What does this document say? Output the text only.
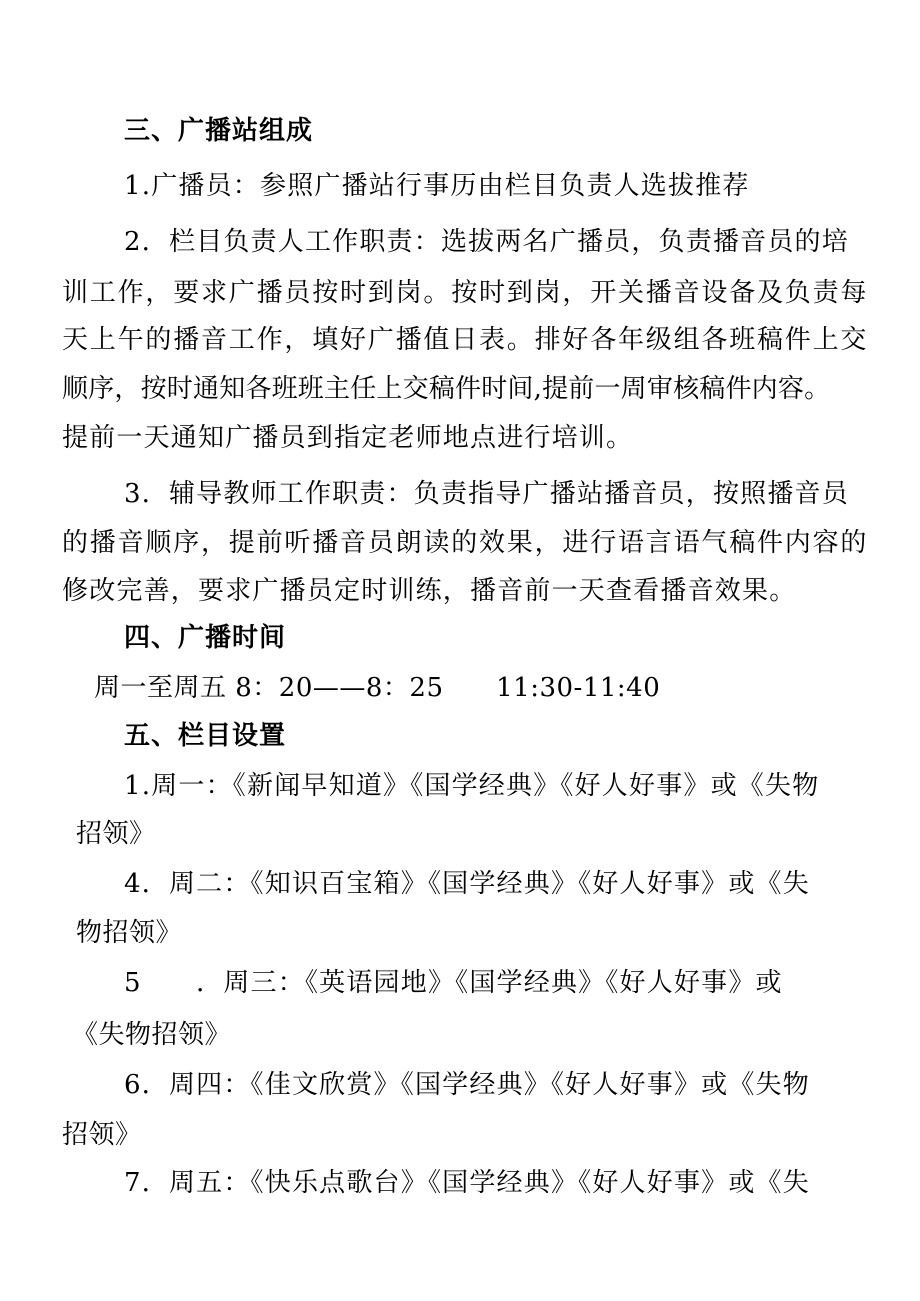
三、广播站组成

1.广播员：参照广播站行事历由栏目负责人选拔推荐

2．栏目负责人工作职责：选拔两名广播员，负责播音员的培

训工作，要求广播员按时到岗。按时到岗，开关播音设备及负责每

天上午的播音工作，填好广播值日表。排好各年级组各班稿件上交

顺序，按时通知各班班主任上交稿件时间,提前一周审核稿件内容。

提前一天通知广播员到指定老师地点进行培训。

3．辅导教师工作职责：负责指导广播站播音员，按照播音员

的播音顺序，提前听播音员朗读的效果，进行语言语气稿件内容的

修改完善，要求广播员定时训练，播音前一天查看播音效果。

四、广播时间

周一至周五 8：20——8：25      11:30-11:40

五、栏目设置

1.周一：《新闻早知道》《国学经典》《好人好事》或《失物

招领》

4．周二：《知识百宝箱》《国学经典》《好人好事》或《失

物招领》

5　　．周三：《英语园地》《国学经典》《好人好事》或

《失物招领》

6．周四：《佳文欣赏》《国学经典》《好人好事》或《失物

招领》

7．周五：《快乐点歌台》《国学经典》《好人好事》或《失
